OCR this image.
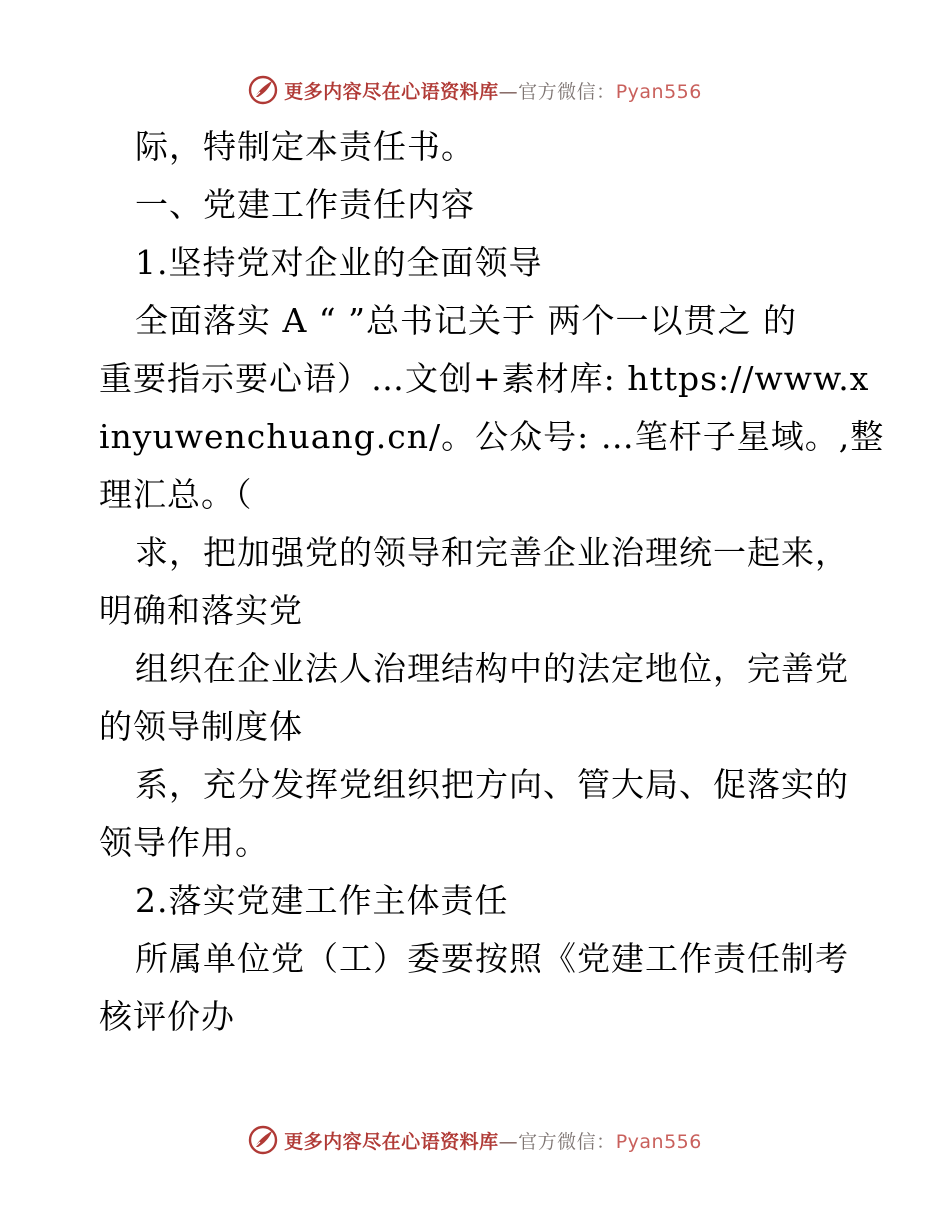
更多内容尽在心语资料库—官方微信：Pyan556
际，特制定本责任书。
一、党建工作责任内容
1.坚持党对企业的全面领导
全面落实 A “ ”总书记关于 两个一以贯之 的
重要指示要心语）…文创+素材库: https://www.x
inyuwenchuang.cn/。公众号: …笔杆子星域。,整
理汇总。（
求，把加强党的领导和完善企业治理统一起来，
明确和落实党
组织在企业法人治理结构中的法定地位，完善党
的领导制度体
系，充分发挥党组织把方向、管大局、促落实的
领导作用。
2.落实党建工作主体责任
所属单位党（工）委要按照《党建工作责任制考
核评价办
更多内容尽在心语资料库—官方微信：Pyan556
